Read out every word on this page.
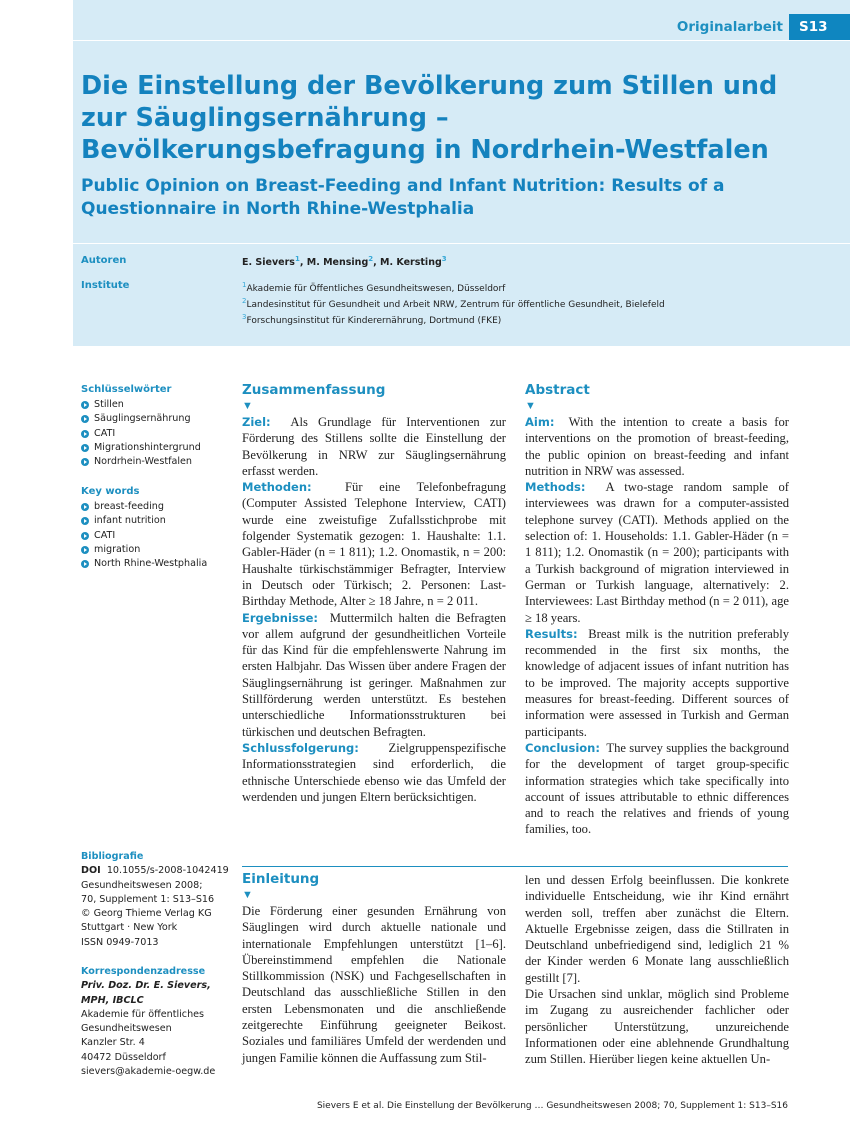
Originalarbeit	S13
Die Einstellung der Bevölkerung zum Stillen und zur Säuglingsernährung – Bevölkerungsbefragung in Nordrhein-Westfalen
Public Opinion on Breast-Feeding and Infant Nutrition: Results of a Questionnaire in North Rhine-Westphalia
Autoren	E. Sievers$^1$, M. Mensing$^2$, M. Kersting$^3$
Institute	$^1$Akademie für Öffentliches Gesundheitswesen, Düsseldorf
$^2$Landesinstitut für Gesundheit und Arbeit NRW, Zentrum für öffentliche Gesundheit, Bielefeld
$^3$Forschungsinstitut für Kinderernährung, Dortmund (FKE)
Schlüsselwörter
Stillen
Säuglingsernährung
CATI
Migrationshintergrund
Nordrhein-Westfalen
Key words
breast-feeding
infant nutrition
CATI
migration
North Rhine-Westphalia
Bibliografie
DOI 10.1055/s-2008-1042419
Gesundheitswesen 2008;
70, Supplement 1: S13–S16
© Georg Thieme Verlag KG
Stuttgart · New York
ISSN 0949-7013
Korrespondenzadresse
Priv. Doz. Dr. E. Sievers, MPH, IBCLC
Akademie für öffentliches
Gesundheitswesen
Kanzler Str. 4
40472 Düsseldorf
sievers@akademie-oegw.de
Zusammenfassung
▼

Ziel: Als Grundlage für Interventionen zur Förderung des Stillens sollte die Einstellung der Bevölkerung in NRW zur Säuglingsernährung erfasst werden.

Methoden:	Für eine Telefonbefragung (Computer Assisted Telephone Interview, CATI) wurde eine zweistufige Zufallsstichprobe mit folgender Systematik gezogen: 1. Haushalte: 1.1. Gabler-Häder (n = 1 811); 1.2. Onomastik, n = 200: Haushalte türkischstämmiger Befragter, Interview in Deutsch oder Türkisch; 2. Personen: Last-Birthday Methode, Alter ≥ 18 Jahre, n = 2 011.

Ergebnisse: Muttermilch halten die Befragten vor allem aufgrund der gesundheitlichen Vorteile für das Kind für die empfehlenswerte Nahrung im ersten Halbjahr. Das Wissen über andere Fragen der Säuglingsernährung ist geringer. Maßnahmen zur Stillförderung werden unterstützt. Es bestehen unterschiedliche Informationsstrukturen bei türkischen und deutschen Befragten.

Schlussfolgerung: Zielgruppenspezifische Informationsstrategien sind erforderlich, die ethnische Unterschiede ebenso wie das Umfeld der werdenden und jungen Eltern berücksichtigen.

Abstract
▼

Aim: With the intention to create a basis for interventions on the promotion of breast-feeding, the public opinion on breast-feeding and infant nutrition in NRW was assessed.

Methods: A two-stage random sample of interviewees was drawn for a computer-assisted telephone survey (CATI). Methods applied on the selection of: 1. Households: 1.1. Gabler-Häder (n = 1 811); 1.2. Onomastik (n = 200); participants with a Turkish background of migration interviewed in German or Turkish language, alternatively: 2. Interviewees: Last Birthday method (n = 2 011), age ≥ 18 years.

Results: Breast milk is the nutrition preferably recommended in the first six months, the knowledge of adjacent issues of infant nutrition has to be improved. The majority accepts supportive measures for breast-feeding. Different sources of information were assessed in Turkish and German participants.

Conclusion: The survey supplies the background for the development of target group-specific information strategies which take specifically into account of issues attributable to ethnic differences and to reach the relatives and friends of young families, too.

Einleitung
▼

Die Förderung einer gesunden Ernährung von Säuglingen wird durch aktuelle nationale und internationale Empfehlungen unterstützt [1–6]. Übereinstimmend empfehlen die Nationale Stillkommission (NSK) und Fachgesellschaften in Deutschland das ausschließliche Stillen in den ersten Lebensmonaten und die anschließende zeitgerechte Einführung geeigneter Beikost. Soziales und familiäres Umfeld der werdenden und jungen Familie können die Auffassung zum Stil-

len und dessen Erfolg beeinflussen. Die konkrete individuelle Entscheidung, wie ihr Kind ernährt werden soll, treffen aber zunächst die Eltern. Aktuelle Ergebnisse zeigen, dass die Stillraten in Deutschland unbefriedigend sind, lediglich 21 % der Kinder werden 6 Monate lang ausschließlich gestillt [7].

Die Ursachen sind unklar, möglich sind Probleme im Zugang zu ausreichender fachlicher oder persönlicher Unterstützung, unzureichende Informationen oder eine ablehnende Grundhaltung zum Stillen. Hierüber liegen keine aktuellen Un-

Sievers E et al. Die Einstellung der Bevölkerung … Gesundheitswesen 2008; 70, Supplement 1: S13–S16
